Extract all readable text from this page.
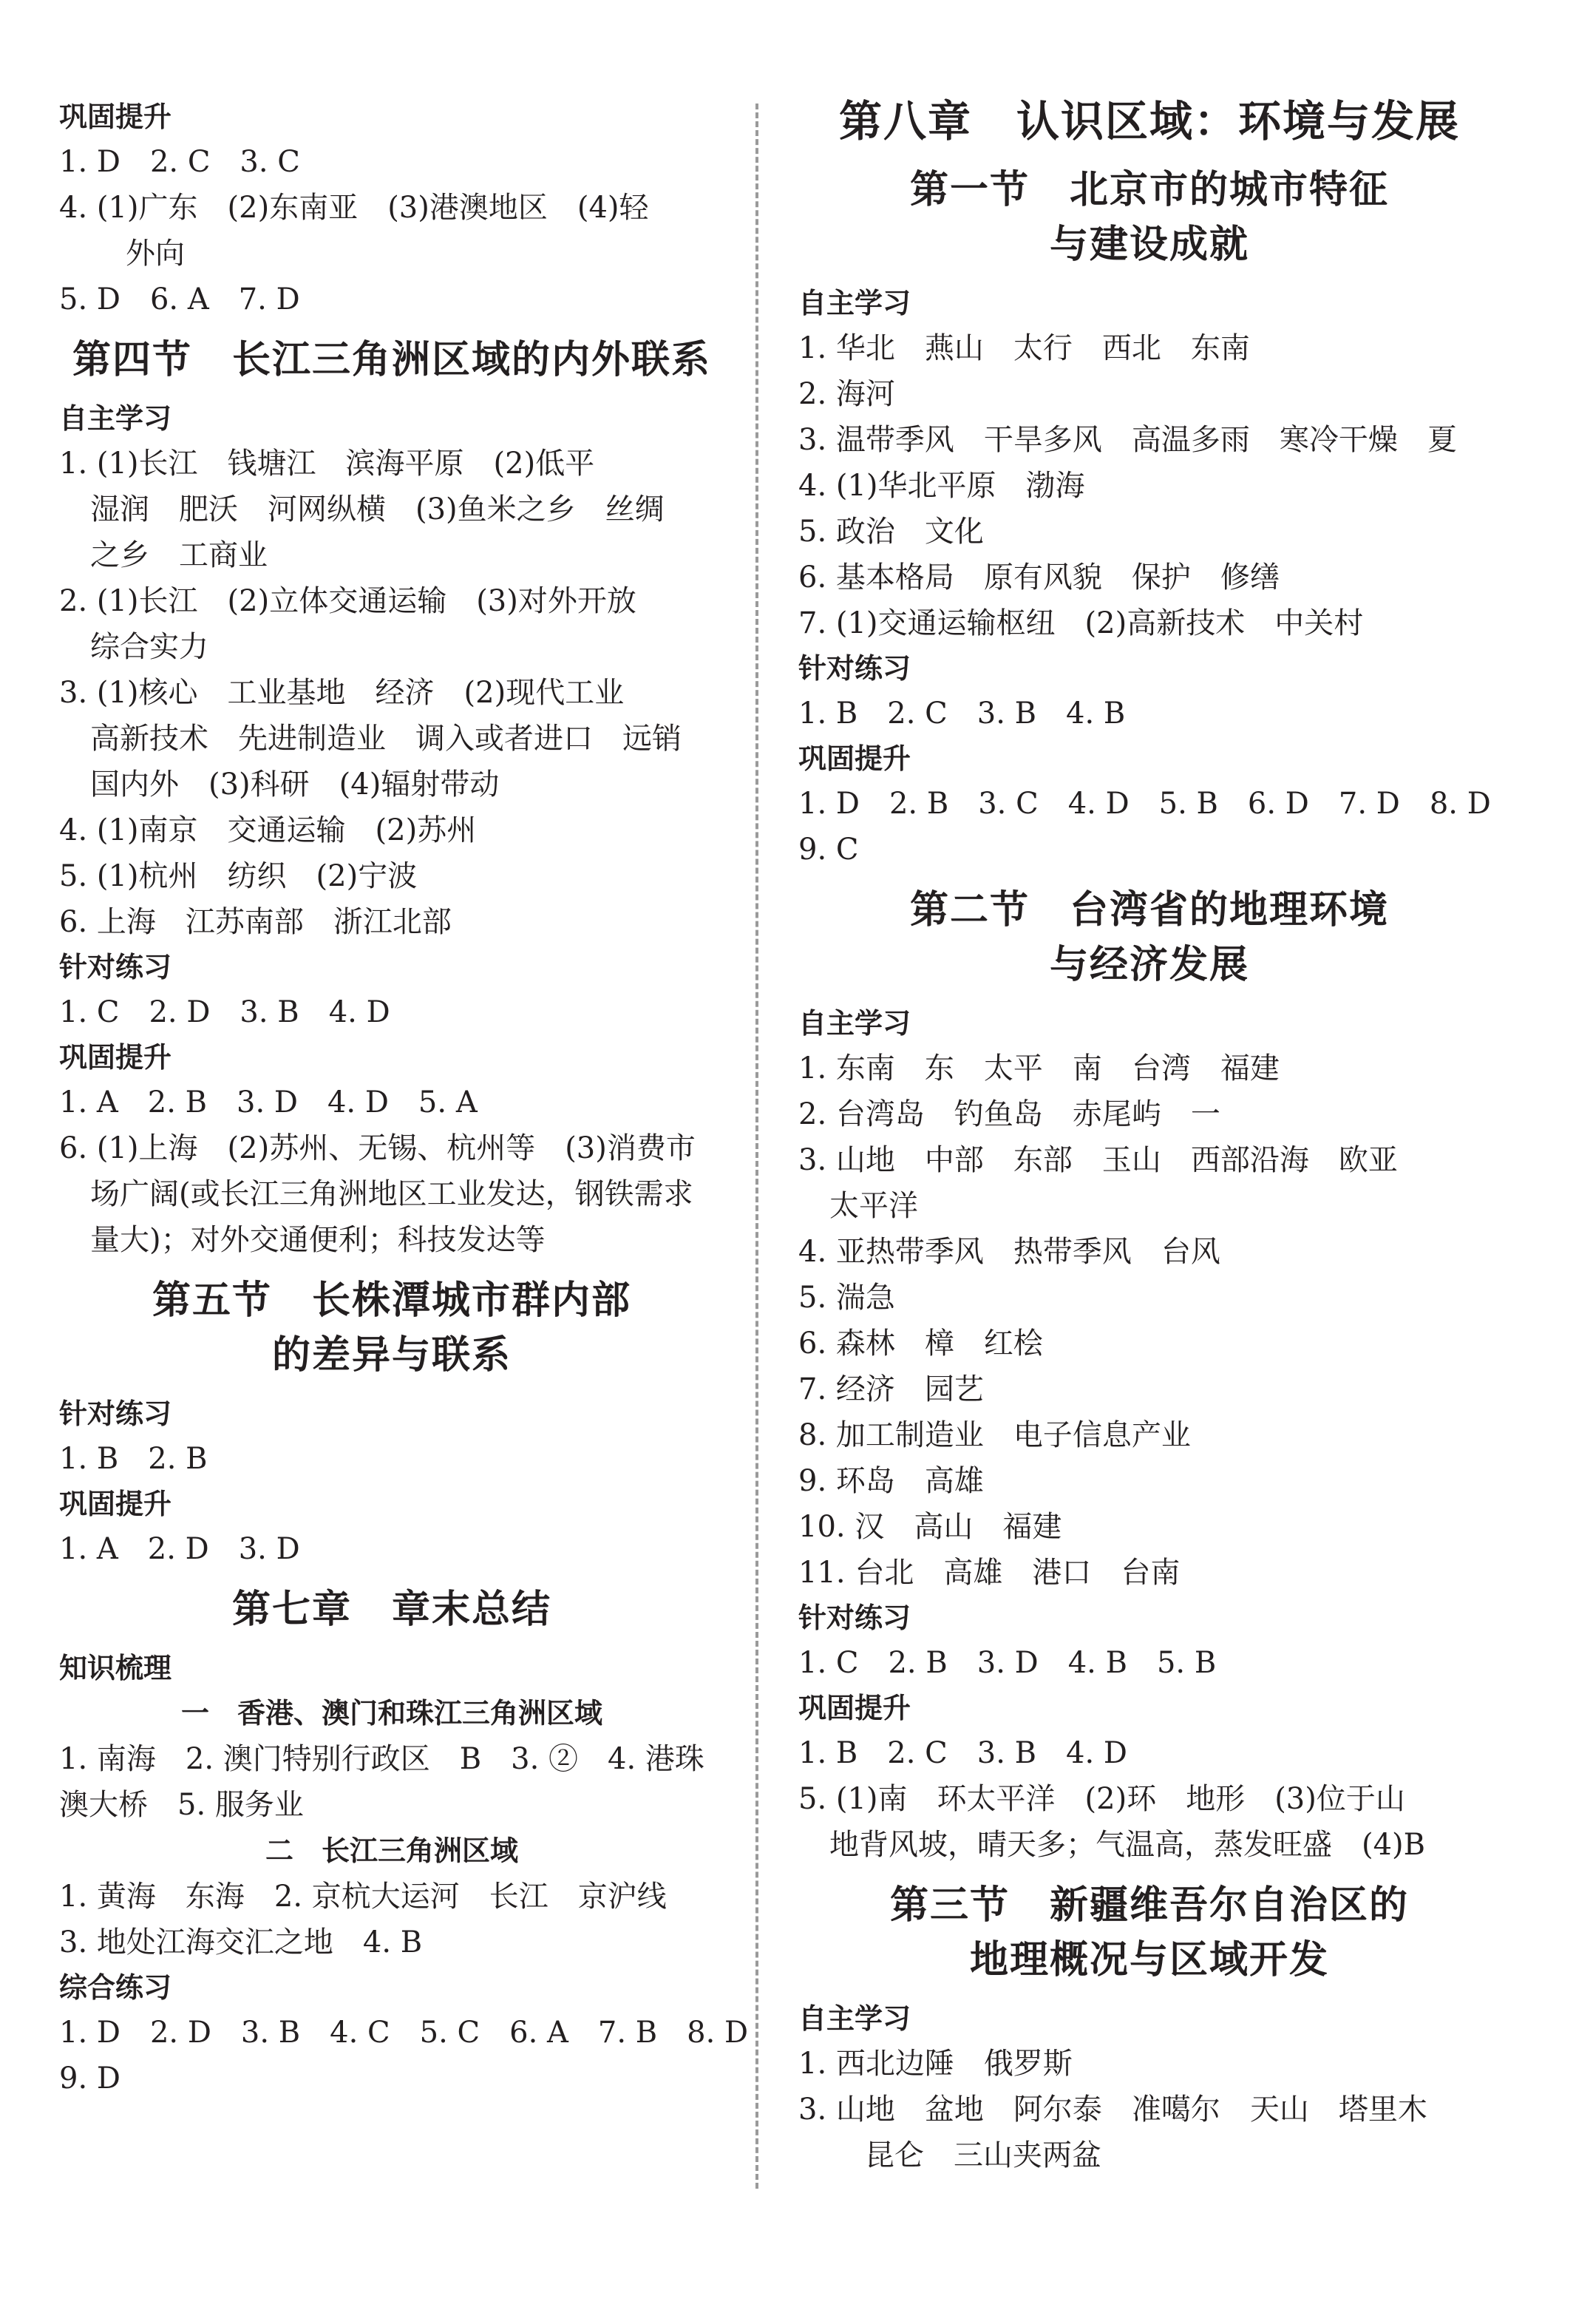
巩固提升
1. D　2. C　3. C
4. (1)广东　(2)东南亚　(3)港澳地区　(4)轻
外向
5. D　6. A　7. D
第四节　长江三角洲区域的内外联系
自主学习
1. (1)长江　钱塘江　滨海平原　(2)低平
湿润　肥沃　河网纵横　(3)鱼米之乡　丝绸
之乡　工商业
2. (1)长江　(2)立体交通运输　(3)对外开放
综合实力
3. (1)核心　工业基地　经济　(2)现代工业
高新技术　先进制造业　调入或者进口　远销
国内外　(3)科研　(4)辐射带动
4. (1)南京　交通运输　(2)苏州
5. (1)杭州　纺织　(2)宁波
6. 上海　江苏南部　浙江北部
针对练习
1. C　2. D　3. B　4. D
巩固提升
1. A　2. B　3. D　4. D　5. A
6. (1)上海　(2)苏州、无锡、杭州等　(3)消费市
场广阔(或长江三角洲地区工业发达，钢铁需求
量大)；对外交通便利；科技发达等
第五节　长株潭城市群内部
的差异与联系
针对练习
1. B　2. B
巩固提升
1. A　2. D　3. D
第七章　章末总结
知识梳理
一　香港、澳门和珠江三角洲区域
1. 南海　2. 澳门特别行政区　B　3. ②　4. 港珠
澳大桥　5. 服务业
二　长江三角洲区域
1. 黄海　东海　2. 京杭大运河　长江　京沪线
3. 地处江海交汇之地　4. B
综合练习
1. D　2. D　3. B　4. C　5. C　6. A　7. B　8. D
9. D
第八章　认识区域：环境与发展
第一节　北京市的城市特征
与建设成就
自主学习
1. 华北　燕山　太行　西北　东南
2. 海河
3. 温带季风　干旱多风　高温多雨　寒冷干燥　夏
4. (1)华北平原　渤海
5. 政治　文化
6. 基本格局　原有风貌　保护　修缮
7. (1)交通运输枢纽　(2)高新技术　中关村
针对练习
1. B　2. C　3. B　4. B
巩固提升
1. D　2. B　3. C　4. D　5. B　6. D　7. D　8. D
9. C
第二节　台湾省的地理环境
与经济发展
自主学习
1. 东南　东　太平　南　台湾　福建
2. 台湾岛　钓鱼岛　赤尾屿　一
3. 山地　中部　东部　玉山　西部沿海　欧亚
太平洋
4. 亚热带季风　热带季风　台风
5. 湍急
6. 森林　樟　红桧
7. 经济　园艺
8. 加工制造业　电子信息产业
9. 环岛　高雄
10. 汉　高山　福建
11. 台北　高雄　港口　台南
针对练习
1. C　2. B　3. D　4. B　5. B
巩固提升
1. B　2. C　3. B　4. D
5. (1)南　环太平洋　(2)环　地形　(3)位于山
地背风坡，晴天多；气温高，蒸发旺盛　(4)B
第三节　新疆维吾尔自治区的
地理概况与区域开发
自主学习
1. 西北边陲　俄罗斯
3. 山地　盆地　阿尔泰　准噶尔　天山　塔里木
昆仑　三山夹两盆
